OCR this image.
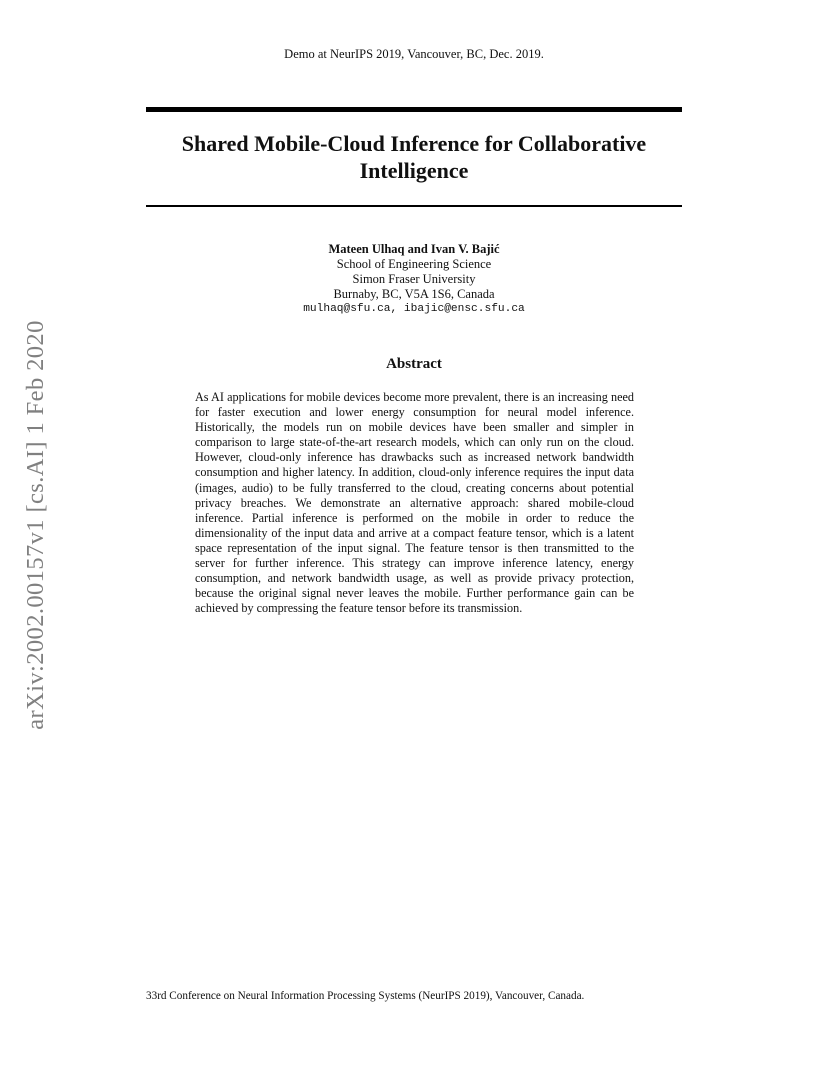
Demo at NeurIPS 2019, Vancouver, BC, Dec. 2019.
Shared Mobile-Cloud Inference for Collaborative
Intelligence
Mateen Ulhaq and Ivan V. Bajić
School of Engineering Science
Simon Fraser University
Burnaby, BC, V5A 1S6, Canada
mulhaq@sfu.ca, ibajic@ensc.sfu.ca
Abstract
As AI applications for mobile devices become more prevalent, there is an increasing need for faster execution and lower energy consumption for neural model inference. Historically, the models run on mobile devices have been smaller and simpler in comparison to large state-of-the-art research models, which can only run on the cloud. However, cloud-only inference has drawbacks such as increased network bandwidth consumption and higher latency. In addition, cloud-only inference requires the input data (images, audio) to be fully transferred to the cloud, creating concerns about potential privacy breaches. We demonstrate an alternative approach: shared mobile-cloud inference. Partial inference is performed on the mobile in order to reduce the dimensionality of the input data and arrive at a compact feature tensor, which is a latent space representation of the input signal. The feature tensor is then transmitted to the server for further inference. This strategy can improve inference latency, energy consumption, and network bandwidth usage, as well as provide privacy protection, because the original signal never leaves the mobile. Further performance gain can be achieved by compressing the feature tensor before its transmission.
33rd Conference on Neural Information Processing Systems (NeurIPS 2019), Vancouver, Canada.
arXiv:2002.00157v1 [cs.AI] 1 Feb 2020
